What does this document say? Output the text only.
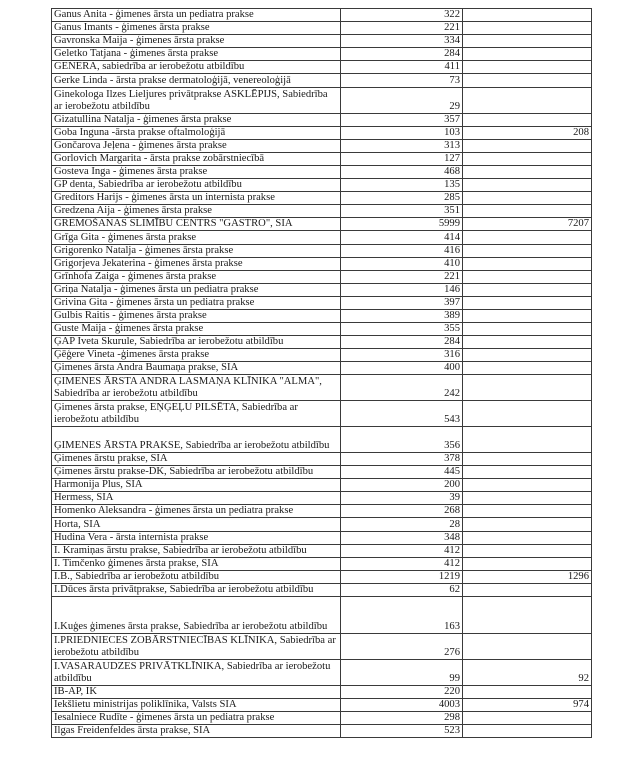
Ganus Anita - ģimenes ārsta un pediatra prakse	322	
Ganus Imants - ģimenes ārsta prakse	221	
Gavronska Maija - ģimenes ārsta prakse	334	
Geletko Tatjana - ģimenes ārsta prakse	284	
GENERA, sabiedrība ar ierobežotu atbildību	411	
Gerke Linda - ārsta prakse dermatoloģijā, venereoloģijā	73	
Ginekologa Ilzes Lieljures privātprakse ASKLĒPIJS, Sabiedrība ar ierobežotu atbildību	29	
Gizatullina Natalja - ģimenes ārsta prakse	357	
Goba Inguna -ārsta prakse oftalmoloģijā	103	208
Gončarova Jeļena - ģimenes ārsta prakse	313	
Gorlovich Margarita - ārsta prakse zobārstniecībā	127	
Gosteva Inga - ģimenes ārsta prakse	468	
GP denta, Sabiedrība ar ierobežotu atbildību	135	
Greditors Harijs - ģimenes ārsta un internista prakse	285	
Gredzena Aija - ģimenes ārsta prakse	351	
GREMOŠANAS SLIMĪBU CENTRS "GASTRO", SIA	5999	7207
Grīga Gita - ģimenes ārsta prakse	414	
Grigorenko Natalja - ģimenes ārsta prakse	416	
Grigorjeva Jekaterina - ģimenes ārsta prakse	410	
Grīnhofa Zaiga - ģimenes ārsta prakse	221	
Griņa Natalja - ģimenes ārsta un pediatra prakse	146	
Grivina Gita - ģimenes ārsta un pediatra prakse	397	
Gulbis Raitis - ģimenes ārsta prakse	389	
Guste Maija - ģimenes ārsta prakse	355	
ĢAP Iveta Skurule, Sabiedrība ar ierobežotu atbildību	284	
Ģēģere Vineta -ģimenes ārsta prakse	316	
Ģimenes ārsta Andra Baumaņa prakse, SIA	400	
ĢIMENES ĀRSTA ANDRA LASMAŅA KLĪNIKA "ALMA", Sabiedrība ar ierobežotu atbildību	242	
Ģimenes ārsta prakse, EŅĢEĻU PILSĒTA, Sabiedrība ar ierobežotu atbildību	543	
ĢIMENES ĀRSTA PRAKSE, Sabiedrība ar ierobežotu atbildību	356	
Ģimenes ārstu prakse, SIA	378	
Ģimenes ārstu prakse-DK, Sabiedrība ar ierobežotu atbildību	445	
Harmonija Plus, SIA	200	
Hermess, SIA	39	
Homenko Aleksandra - ģimenes ārsta un pediatra prakse	268	
Horta, SIA	28	
Hudina Vera - ārsta internista prakse	348	
I. Kramiņas ārstu prakse, Sabiedrība ar ierobežotu atbildību	412	
I. Timčenko ģimenes ārsta prakse, SIA	412	
I.B., Sabiedrība ar ierobežotu atbildību	1219	1296
I.Dūces ārsta privātprakse, Sabiedrība ar ierobežotu atbildību	62	
I.Kuģes ģimenes ārsta prakse, Sabiedrība ar ierobežotu atbildību	163	
I.PRIEDNIECES ZOBĀRSTNIECĪBAS KLĪNIKA, Sabiedrība ar ierobežotu atbildību	276	
I.VASARAUDZES PRIVĀTKLĪNIKA, Sabiedrība ar ierobežotu atbildību	99	92
IB-AP, IK	220	
Iekšlietu ministrijas poliklīnika, Valsts SIA	4003	974
Iesalniece Rudīte - ģimenes ārsta un pediatra prakse	298	
Ilgas Freidenfeldes ārsta prakse, SIA	523	
